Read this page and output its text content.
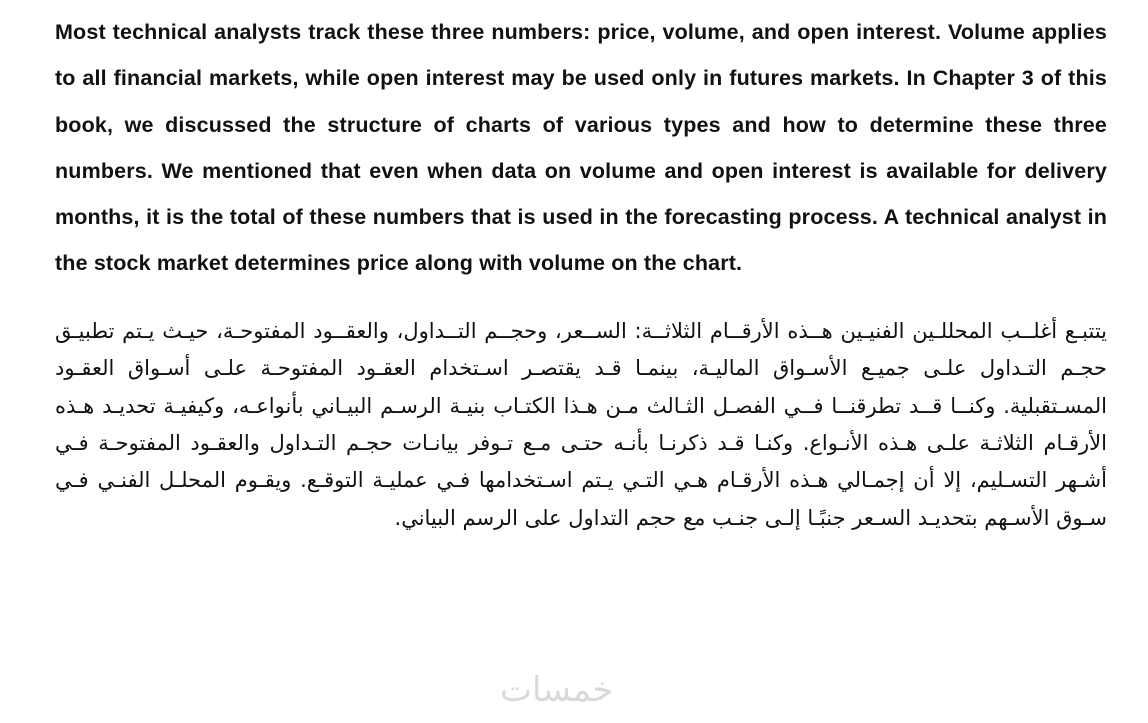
Most technical analysts track these three numbers: price, volume, and open interest. Volume applies to all financial markets, while open interest may be used only in futures markets. In Chapter 3 of this book, we discussed the structure of charts of various types and how to determine these three numbers. We mentioned that even when data on volume and open interest is available for delivery months, it is the total of these numbers that is used in the forecasting process. A technical analyst in the stock market determines price along with volume on the chart.

يتتبـع أغلــب المحللـين الفنيـين هــذه الأرقــام الثلاثــة: الســعر، وحجــم التــداول، والعقــود المفتوحـة، حيـث يـتم تطبيـق حجـم التـداول علـى جميـع الأسـواق الماليـة، بينمـا قـد يقتصـر اسـتخدام العقـود المفتوحـة علـى أسـواق العقـود المسـتقبلية. وكنــا قــد تطرقنــا فــي الفصـل الثـالث مـن هـذا الكتـاب بنيـة الرسـم البيـاني بأنواعـه، وكيفيـة تحديـد هـذه الأرقـام الثلاثـة علـى هـذه الأنـواع. وكنـا قـد ذكرنـا بأنـه حتـى مـع تـوفر بيانـات حجـم التـداول والعقـود المفتوحـة فـي أشـهر التسـليم، إلا أن إجمـالي هـذه الأرقـام هـي التـي يـتم اسـتخدامها فـي عمليـة التوقـع. ويقـوم المحلـل الفنـي فـي سـوق الأسـهم بتحديـد السـعر جنبًـا إلـى جنـب مع حجم التداول على الرسم البياني.

خمسات
